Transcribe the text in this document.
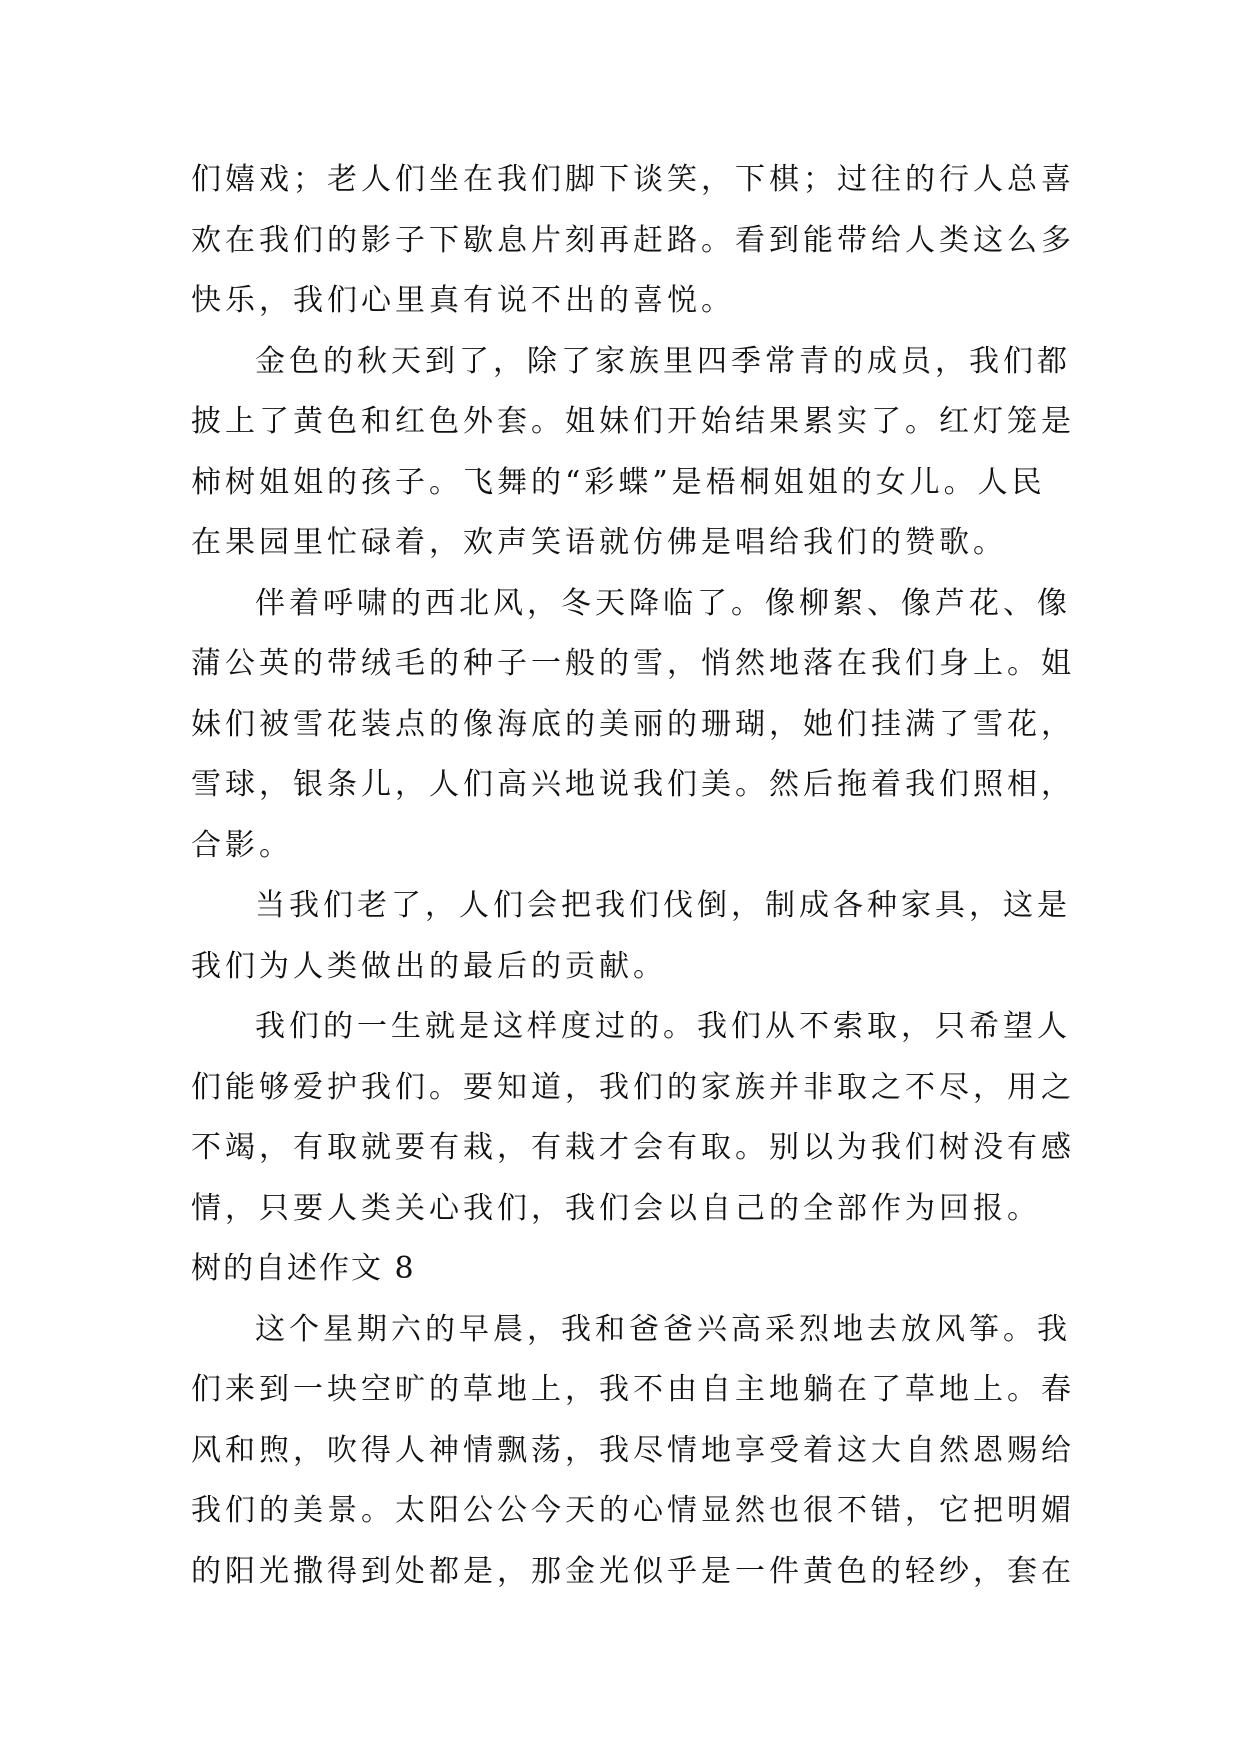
们嬉戏；老人们坐在我们脚下谈笑，下棋；过往的行人总喜
欢在我们的影子下歇息片刻再赶路。看到能带给人类这么多
快乐，我们心里真有说不出的喜悦。
金色的秋天到了，除了家族里四季常青的成员，我们都
披上了黄色和红色外套。姐妹们开始结果累实了。红灯笼是
柿树姐姐的孩子。飞舞的“彩蝶”是梧桐姐姐的女儿。人民
在果园里忙碌着，欢声笑语就仿佛是唱给我们的赞歌。
伴着呼啸的西北风，冬天降临了。像柳絮、像芦花、像
蒲公英的带绒毛的种子一般的雪，悄然地落在我们身上。姐
妹们被雪花装点的像海底的美丽的珊瑚，她们挂满了雪花，
雪球，银条儿，人们高兴地说我们美。然后拖着我们照相，
合影。
当我们老了，人们会把我们伐倒，制成各种家具，这是
我们为人类做出的最后的贡献。
我们的一生就是这样度过的。我们从不索取，只希望人
们能够爱护我们。要知道，我们的家族并非取之不尽，用之
不竭，有取就要有栽，有栽才会有取。别以为我们树没有感
情，只要人类关心我们，我们会以自己的全部作为回报。
树的自述作文 8
这个星期六的早晨，我和爸爸兴高采烈地去放风筝。我
们来到一块空旷的草地上，我不由自主地躺在了草地上。春
风和煦，吹得人神情飘荡，我尽情地享受着这大自然恩赐给
我们的美景。太阳公公今天的心情显然也很不错，它把明媚
的阳光撒得到处都是，那金光似乎是一件黄色的轻纱，套在
